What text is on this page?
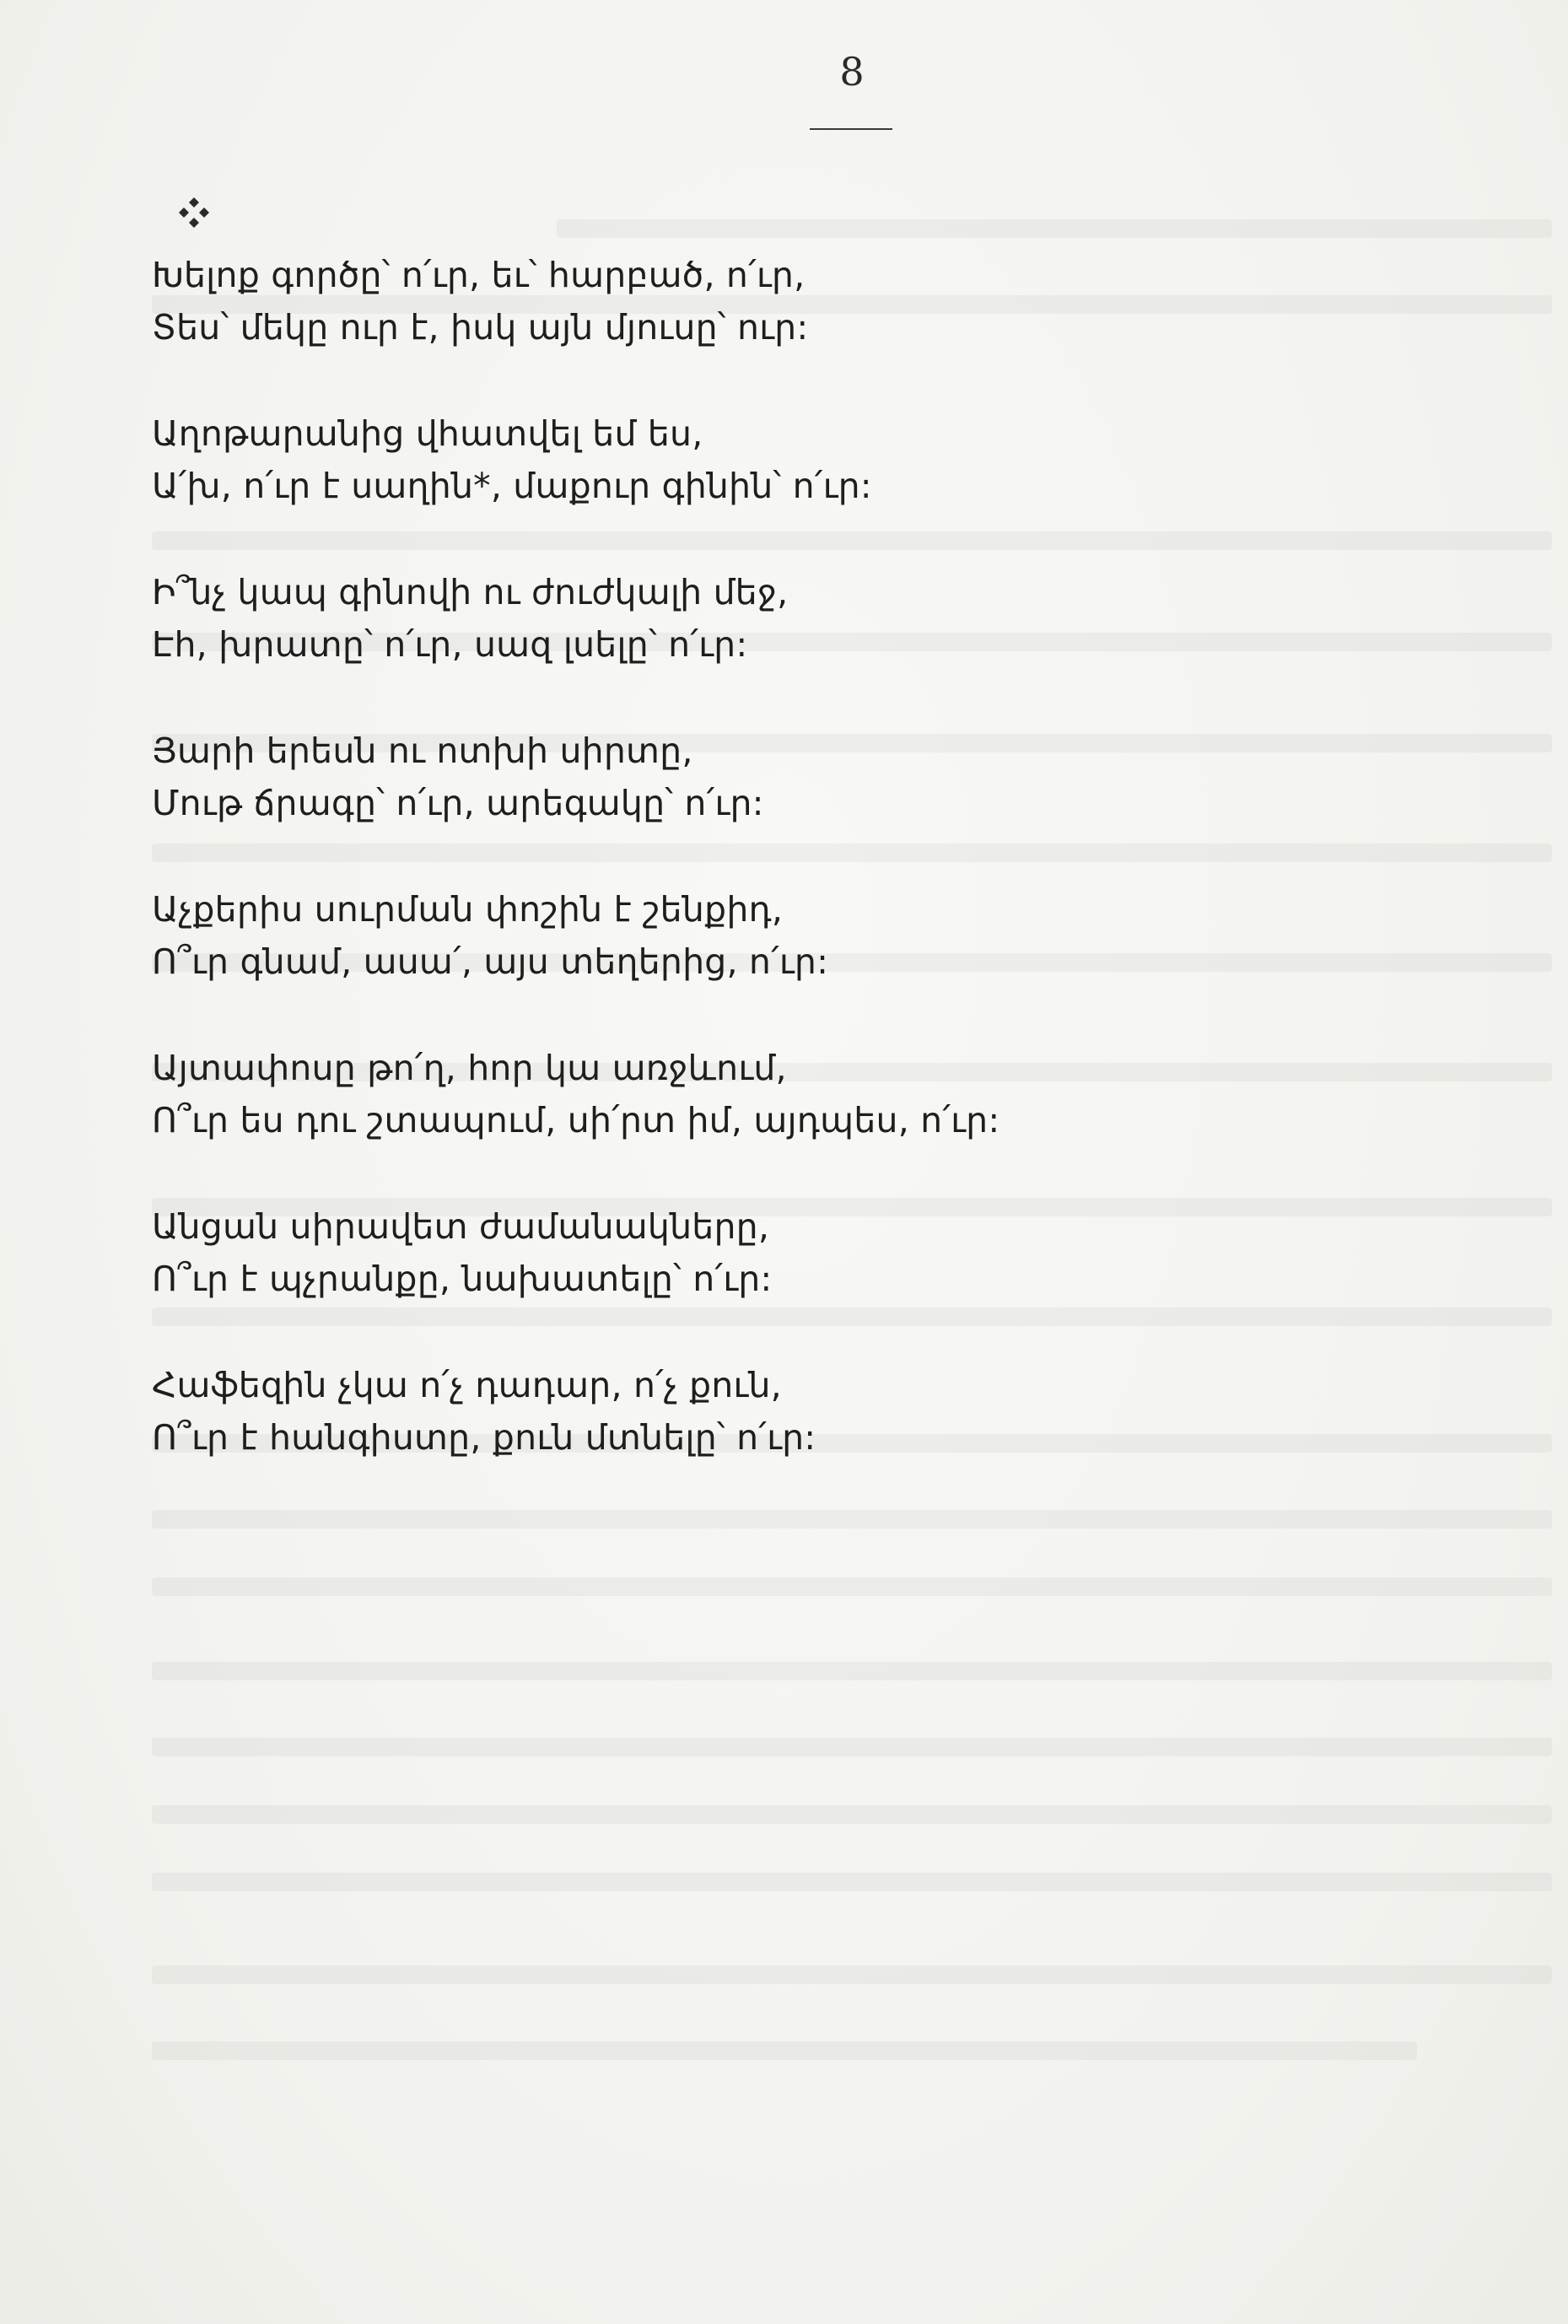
8
Խելոք գործը՝ ո՛ւր, եւ՝ հարբած, ո՛ւր,
Տես՝ մեկը ուր է, իսկ այն մյուսը՝ ուր:
Աղոթարանից վհատվել եմ ես,
Ա՛խ, ո՛ւր է սաղին*, մաքուր գինին՝ ո՛ւր:
Ի՞նչ կապ գինովի ու ժուժկալի մեջ,
Էհ, խրատը՝ ո՛ւր, սազ լսելը՝ ո՛ւր:
Յարի երեսն ու ոտխի սիրտը,
Մութ ճրագը՝ ո՛ւր, արեգակը՝ ո՛ւր:
Աչքերիս սուրման փոշին է շենքիդ,
Ո՞ւր գնամ, ասա՛, այս տեղերից, ո՛ւր:
Այտափոսը թո՛ղ, հոր կա առջևում,
Ո՞ւր ես դու շտապում, սի՛րտ իմ, այդպես, ո՛ւր:
Անցան սիրավետ ժամանակները,
Ո՞ւր է պչրանքը, նախատելը՝ ո՛ւր:
Հաֆեզին չկա ո՛չ դադար, ո՛չ քուն,
Ո՞ւր է հանգիստը, քուն մտնելը՝ ո՛ւր:
